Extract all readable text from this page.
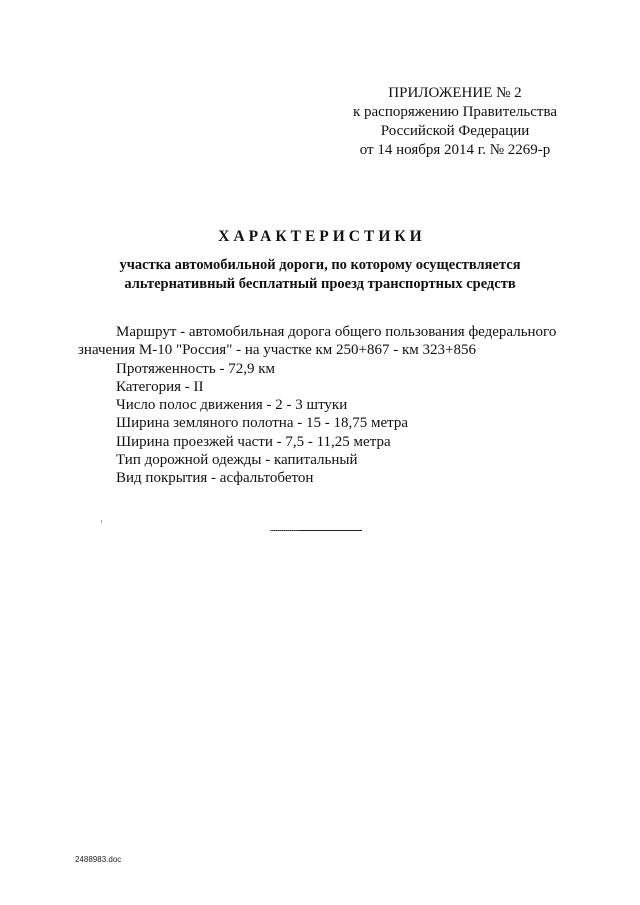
ПРИЛОЖЕНИЕ № 2
к распоряжению Правительства
Российской Федерации
от 14 ноября 2014 г. № 2269-р
ХАРАКТЕРИСТИКИ
участка автомобильной дороги, по которому осуществляется
альтернативный бесплатный проезд транспортных средств
Маршрут - автомобильная дорога общего пользования федерального
значения М-10 "Россия" - на участке км 250+867 - км 323+856
Протяженность - 72,9 км
Категория - II
Число полос движения - 2 - 3 штуки
Ширина земляного полотна - 15 - 18,75 метра
Ширина проезжей части - 7,5 - 11,25 метра
Тип дорожной одежды - капитальный
Вид покрытия - асфальтобетон
2488983.doc
